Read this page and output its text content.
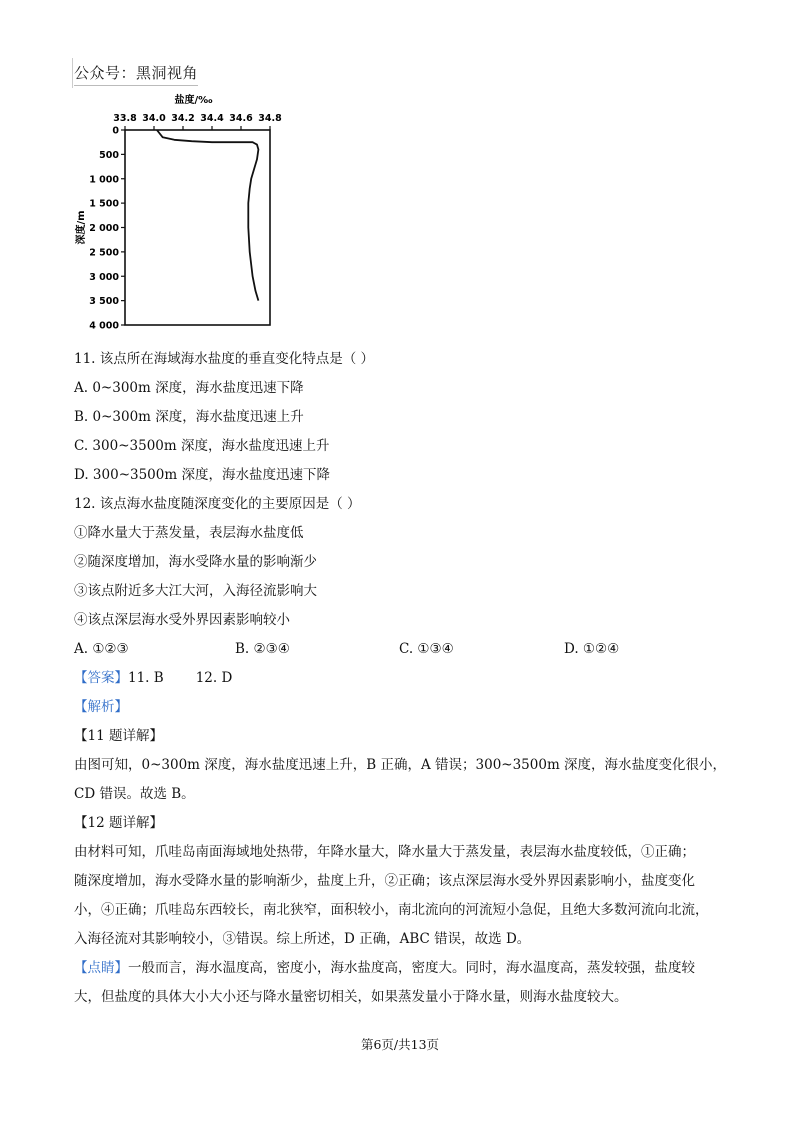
公众号：黑洞视角
盐度/‰
33.8 34.0 34.2 34.4 34.6 34.8
0
500
1 000
1 500
2 000
2 500
3 000
3 500
4 000
深度/m
11. 该点所在海域海水盐度的垂直变化特点是（ ）
A. 0~300m 深度，海水盐度迅速下降
B. 0~300m 深度，海水盐度迅速上升
C. 300~3500m 深度，海水盐度迅速上升
D. 300~3500m 深度，海水盐度迅速下降
12. 该点海水盐度随深度变化的主要原因是（ ）
①降水量大于蒸发量，表层海水盐度低
②随深度增加，海水受降水量的影响渐少
③该点附近多大江大河，入海径流影响大
④该点深层海水受外界因素影响较小
A. ①②③	B. ②③④	C. ①③④	D. ①②④
【答案】11. B 12. D
【解析】
【11 题详解】
由图可知，0~300m 深度，海水盐度迅速上升，B 正确，A 错误；300~3500m 深度，海水盐度变化很小，
CD 错误。故选 B。
【12 题详解】
由材料可知，爪哇岛南面海域地处热带，年降水量大，降水量大于蒸发量，表层海水盐度较低，①正确；
随深度增加，海水受降水量的影响渐少，盐度上升，②正确；该点深层海水受外界因素影响小，盐度变化
小，④正确；爪哇岛东西较长，南北狭窄，面积较小，南北流向的河流短小急促，且绝大多数河流向北流，
入海径流对其影响较小，③错误。综上所述，D 正确，ABC 错误，故选 D。
【点睛】一般而言，海水温度高，密度小，海水盐度高，密度大。同时，海水温度高，蒸发较强，盐度较
大，但盐度的具体大小大小还与降水量密切相关，如果蒸发量小于降水量，则海水盐度较大。
第6页/共13页
